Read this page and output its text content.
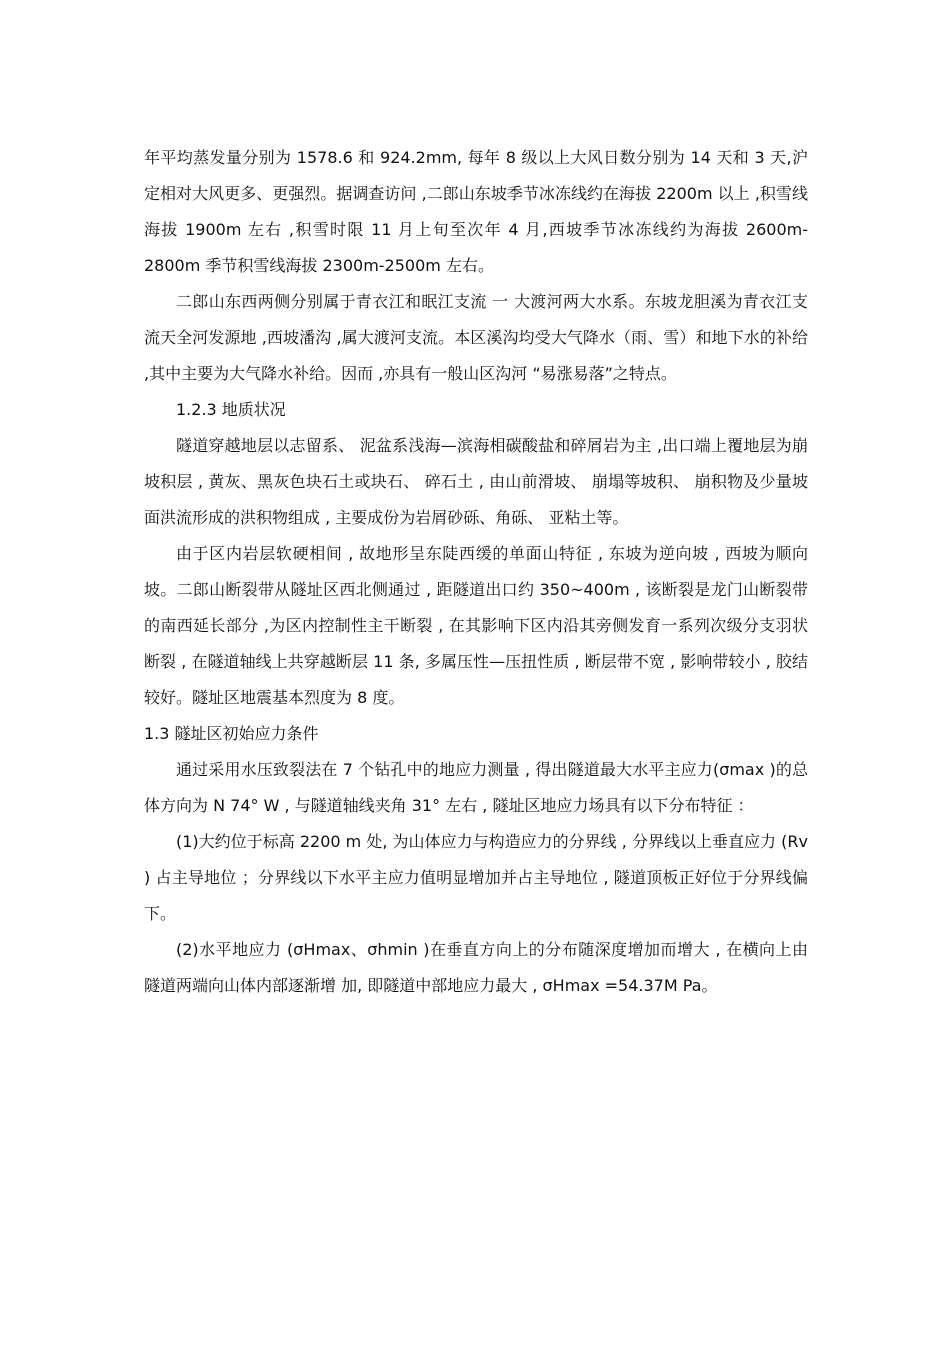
年平均蒸发量分别为 1578.6 和 924.2mm, 每年 8 级以上大风日数分别为 14 天和 3 天,沪定相对大风更多、更强烈。据调查访问 ,二郎山东坡季节冰冻线约在海拔 2200m 以上 ,积雪线海拔 1900m 左右 ,积雪时限 11 月上旬至次年 4 月,西坡季节冰冻线约为海拔 2600m-2800m 季节积雪线海拔 2300m-2500m 左右。

二郎山东西两侧分别属于青衣江和眠江支流 一 大渡河两大水系。东坡龙胆溪为青衣江支流天全河发源地 ,西坡潘沟 ,属大渡河支流。本区溪沟均受大气降水（雨、雪）和地下水的补给 ,其中主要为大气降水补给。因而 ,亦具有一般山区沟河 “易涨易落”之特点。

1.2.3 地质状况

隧道穿越地层以志留系、 泥盆系浅海—滨海相碳酸盐和碎屑岩为主 ,出口端上覆地层为崩坡积层 , 黄灰、黑灰色块石土或块石、 碎石土 , 由山前滑坡、 崩塌等坡积、 崩积物及少量坡面洪流形成的洪积物组成 , 主要成份为岩屑砂砾、角砾、 亚粘土等。

由于区内岩层软硬相间 , 故地形呈东陡西缓的单面山特征 , 东坡为逆向坡 , 西坡为顺向坡。二郎山断裂带从隧址区西北侧通过 , 距隧道出口约 350~400m , 该断裂是龙门山断裂带的南西延长部分 ,为区内控制性主干断裂 , 在其影响下区内沿其旁侧发育一系列次级分支羽状断裂 , 在隧道轴线上共穿越断层 11 条, 多属压性—压扭性质 , 断层带不宽 , 影响带较小 , 胶结较好。隧址区地震基本烈度为 8 度。

1.3 隧址区初始应力条件

通过采用水压致裂法在 7 个钻孔中的地应力测量 , 得出隧道最大水平主应力(σmax )的总体方向为 N 74° W , 与隧道轴线夹角 31° 左右 , 隧址区地应力场具有以下分布特征 ：

(1)大约位于标高 2200 m 处, 为山体应力与构造应力的分界线 , 分界线以上垂直应力 (Rv ) 占主导地位 ；分界线以下水平主应力值明显增加并占主导地位 , 隧道顶板正好位于分界线偏下。

(2)水平地应力 (σHmax、σhmin )在垂直方向上的分布随深度增加而增大 , 在横向上由隧道两端向山体内部逐渐增 加, 即隧道中部地应力最大 , σHmax =54.37M Pa。
